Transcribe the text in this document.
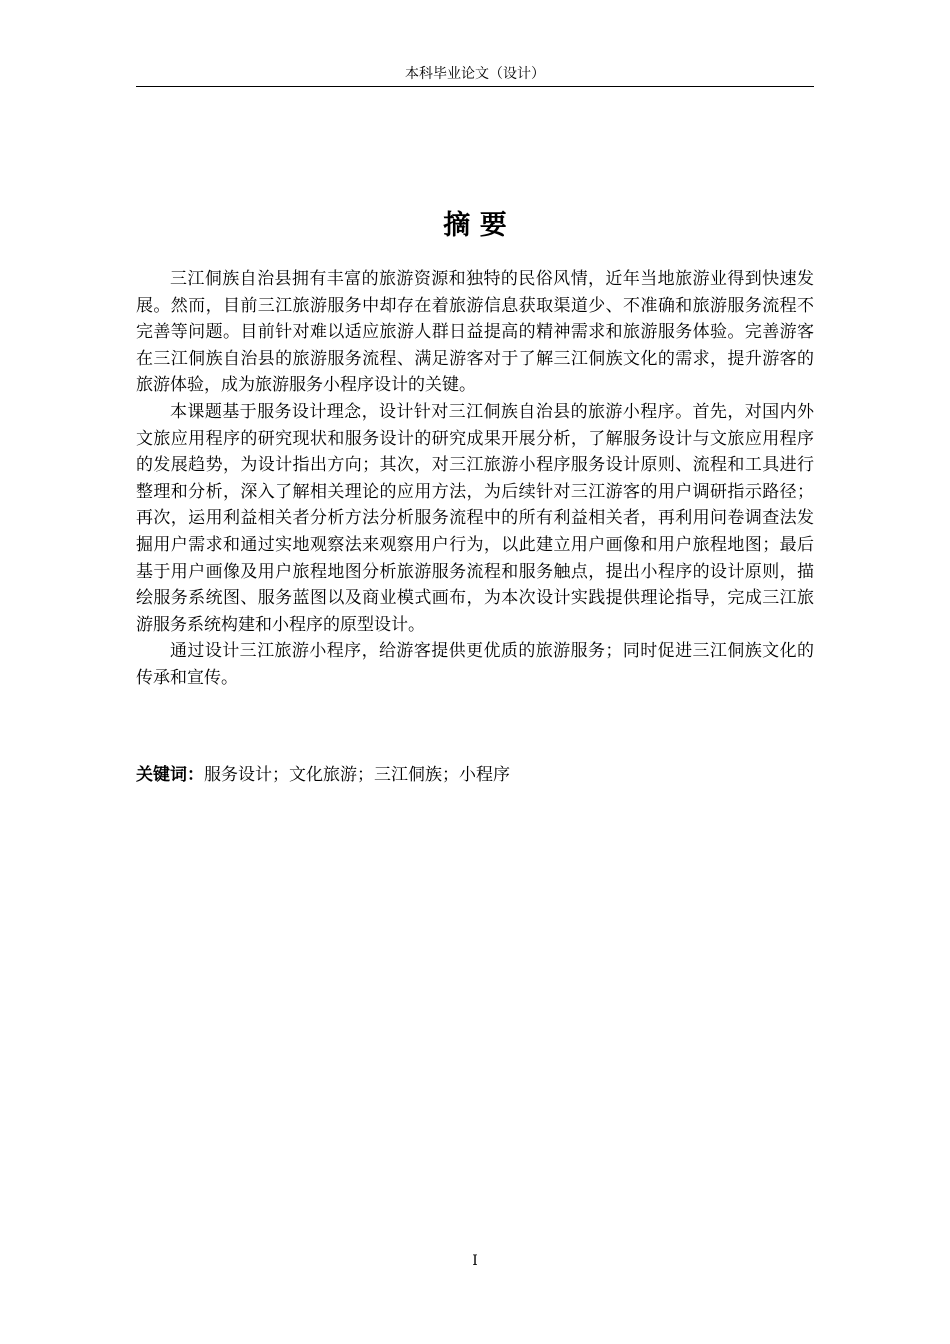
本科毕业论文（设计）
摘 要

三江侗族自治县拥有丰富的旅游资源和独特的民俗风情，近年当地旅游业得到快速发展。然而，目前三江旅游服务中却存在着旅游信息获取渠道少、不准确和旅游服务流程不完善等问题。目前针对难以适应旅游人群日益提高的精神需求和旅游服务体验。完善游客在三江侗族自治县的旅游服务流程、满足游客对于了解三江侗族文化的需求，提升游客的旅游体验，成为旅游服务小程序设计的关键。

本课题基于服务设计理念，设计针对三江侗族自治县的旅游小程序。首先，对国内外文旅应用程序的研究现状和服务设计的研究成果开展分析，了解服务设计与文旅应用程序的发展趋势，为设计指出方向；其次，对三江旅游小程序服务设计原则、流程和工具进行整理和分析，深入了解相关理论的应用方法，为后续针对三江游客的用户调研指示路径；再次，运用利益相关者分析方法分析服务流程中的所有利益相关者，再利用问卷调查法发掘用户需求和通过实地观察法来观察用户行为，以此建立用户画像和用户旅程地图；最后基于用户画像及用户旅程地图分析旅游服务流程和服务触点，提出小程序的设计原则，描绘服务系统图、服务蓝图以及商业模式画布，为本次设计实践提供理论指导，完成三江旅游服务系统构建和小程序的原型设计。

通过设计三江旅游小程序，给游客提供更优质的旅游服务；同时促进三江侗族文化的传承和宣传。

关键词：服务设计；文化旅游；三江侗族；小程序
I
